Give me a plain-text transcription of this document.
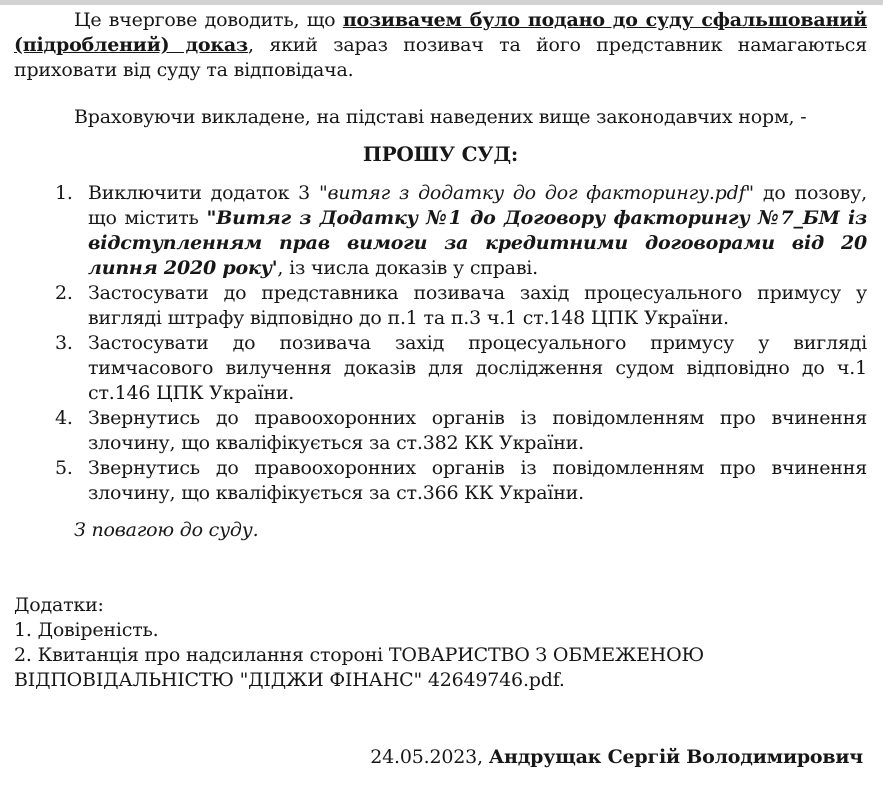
Це вчергове доводить, що позивачем було подано до суду сфальшований (підроблений) доказ, який зараз позивач та його представник намагаються приховати від суду та відповідача.

Враховуючи викладене, на підставі наведених вище законодавчих норм, -

ПРОШУ СУД:
1. Виключити додаток 3 "витяг з додатку до дог факторингу.pdf" до позову, що містить "Витяг з Додатку №1 до Договору факторингу №7_БМ із відступленням прав вимоги за кредитними договорами від 20 липня 2020 року', із числа доказів у справі.
2. Застосувати до представника позивача захід процесуального примусу у вигляді штрафу відповідно до п.1 та п.3 ч.1 ст.148 ЦПК України.
3. Застосувати до позивача захід процесуального примусу у вигляді тимчасового вилучення доказів для дослідження судом відповідно до ч.1 ст.146 ЦПК України.
4. Звернутись до правоохоронних органів із повідомленням про вчинення злочину, що кваліфікується за ст.382 КК України.
5. Звернутись до правоохоронних органів із повідомленням про вчинення злочину, що кваліфікується за ст.366 КК України.

З повагою до суду.

Додатки:
1. Довіреність.
2. Квитанція про надсилання стороні ТОВАРИСТВО З ОБМЕЖЕНОЮ ВІДПОВІДАЛЬНІСТЮ "ДІДЖИ ФІНАНС" 42649746.pdf.
24.05.2023, Андрущак Сергій Володимирович
